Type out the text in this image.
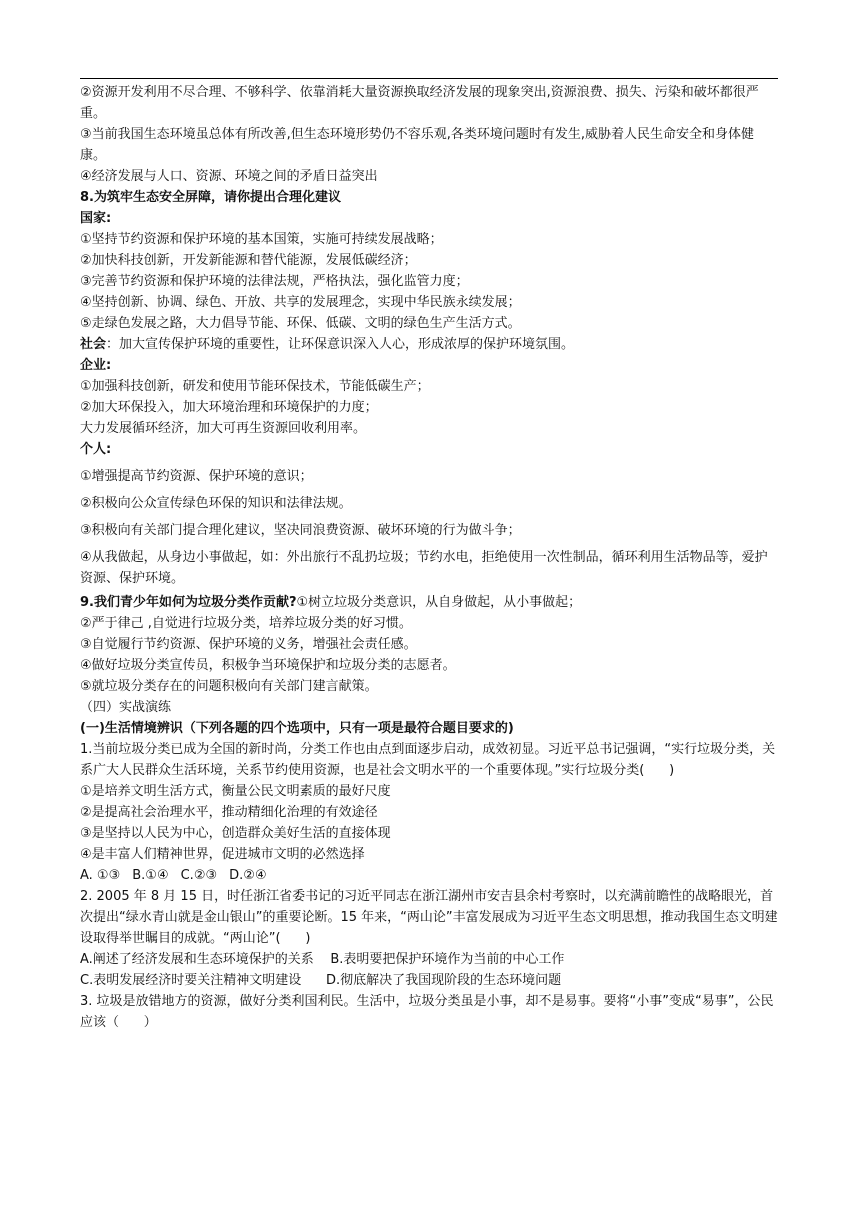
②资源开发利用不尽合理、不够科学、依靠消耗大量资源换取经济发展的现象突出,资源浪费、损失、污染和破坏都很严重。

③当前我国生态环境虽总体有所改善,但生态环境形势仍不容乐观,各类环境问题时有发生,威胁着人民生命安全和身体健康。

④经济发展与人口、资源、环境之间的矛盾日益突出

8.为筑牢生态安全屏障，请你提出合理化建议

国家:

①坚持节约资源和保护环境的基本国策，实施可持续发展战略；

②加快科技创新，开发新能源和替代能源，发展低碳经济；

③完善节约资源和保护环境的法律法规，严格执法，强化监管力度；

④坚持创新、协调、绿色、开放、共享的发展理念，实现中华民族永续发展；

⑤走绿色发展之路，大力倡导节能、环保、低碳、文明的绿色生产生活方式。

社会：加大宣传保护环境的重要性，让环保意识深入人心，形成浓厚的保护环境氛围。

企业:

①加强科技创新，研发和使用节能环保技术，节能低碳生产；

②加大环保投入，加大环境治理和环境保护的力度；

大力发展循环经济，加大可再生资源回收利用率。

个人:

①增强提高节约资源、保护环境的意识；

②积极向公众宣传绿色环保的知识和法律法规。

③积极向有关部门提合理化建议，坚决同浪费资源、破坏环境的行为做斗争；

④从我做起，从身边小事做起，如：外出旅行不乱扔垃圾；节约水电，拒绝使用一次性制品，循环利用生活物品等，爱护资源、保护环境。

9.我们青少年如何为垃圾分类作贡献?①树立垃圾分类意识，从自身做起，从小事做起；

②严于律己 ,自觉进行垃圾分类，培养垃圾分类的好习惯。

③自觉履行节约资源、保护环境的义务，增强社会责任感。

④做好垃圾分类宣传员，积极争当环境保护和垃圾分类的志愿者。

⑤就垃圾分类存在的问题积极向有关部门建言献策。

（四）实战演练

(一)生活情境辨识（下列各题的四个选项中，只有一项是最符合题目要求的)

1.当前垃圾分类已成为全国的新时尚，分类工作也由点到面逐步启动，成效初显。习近平总书记强调，“实行垃圾分类，关系广大人民群众生活环境，关系节约使用资源，也是社会文明水平的一个重要体现。”实行垃圾分类(      )

①是培养文明生活方式，衡量公民文明素质的最好尺度

②是提高社会治理水平，推动精细化治理的有效途径

③是坚持以人民为中心，创造群众美好生活的直接体现

④是丰富人们精神世界，促进城市文明的必然选择

A. ①③ B.①④ C.②③ D.②④

2. 2005 年 8 月 15 日，时任浙江省委书记的习近平同志在浙江湖州市安吉县余村考察时，以充满前瞻性的战略眼光，首次提出“绿水青山就是金山银山”的重要论断。15 年来，“两山论”丰富发展成为习近平生态文明思想，推动我国生态文明建设取得举世瞩目的成就。“两山论”(      )

A.阐述了经济发展和生态环境保护的关系    B.表明要把保护环境作为当前的中心工作

C.表明发展经济时要关注精神文明建设      D.彻底解决了我国现阶段的生态环境问题

3. 垃圾是放错地方的资源，做好分类利国利民。生活中，垃圾分类虽是小事，却不是易事。要将“小事”变成“易事”，公民应该（      ）
